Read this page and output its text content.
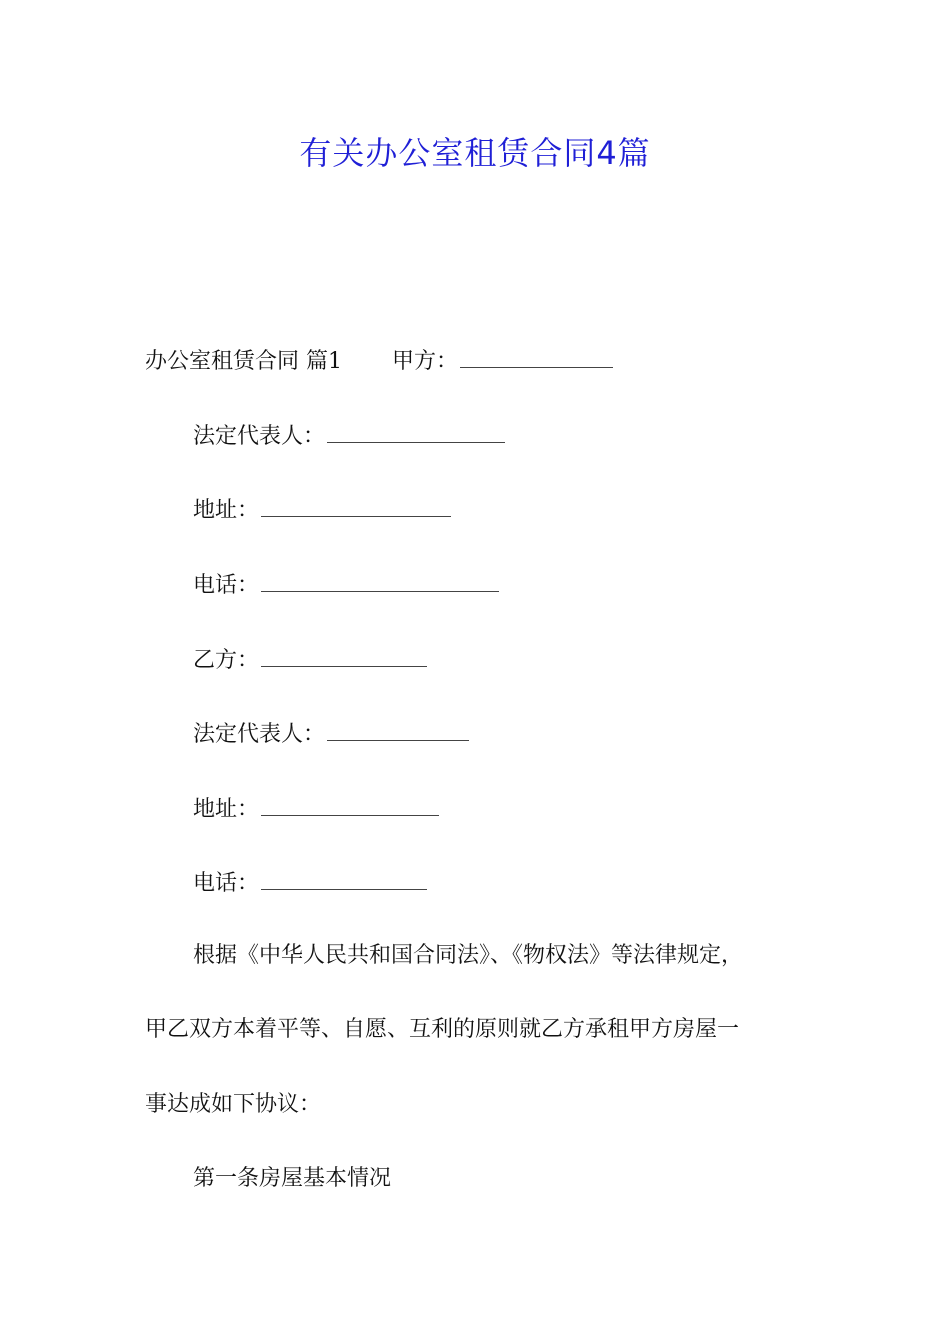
有关办公室租赁合同4篇
办公室租赁合同 篇1 甲方：
法定代表人：
地址：
电话：
乙方：
法定代表人：
地址：
电话：
根据《中华人民共和国合同法》、《物权法》等法律规定，
甲乙双方本着平等、自愿、互利的原则就乙方承租甲方房屋一
事达成如下协议：
第一条房屋基本情况
